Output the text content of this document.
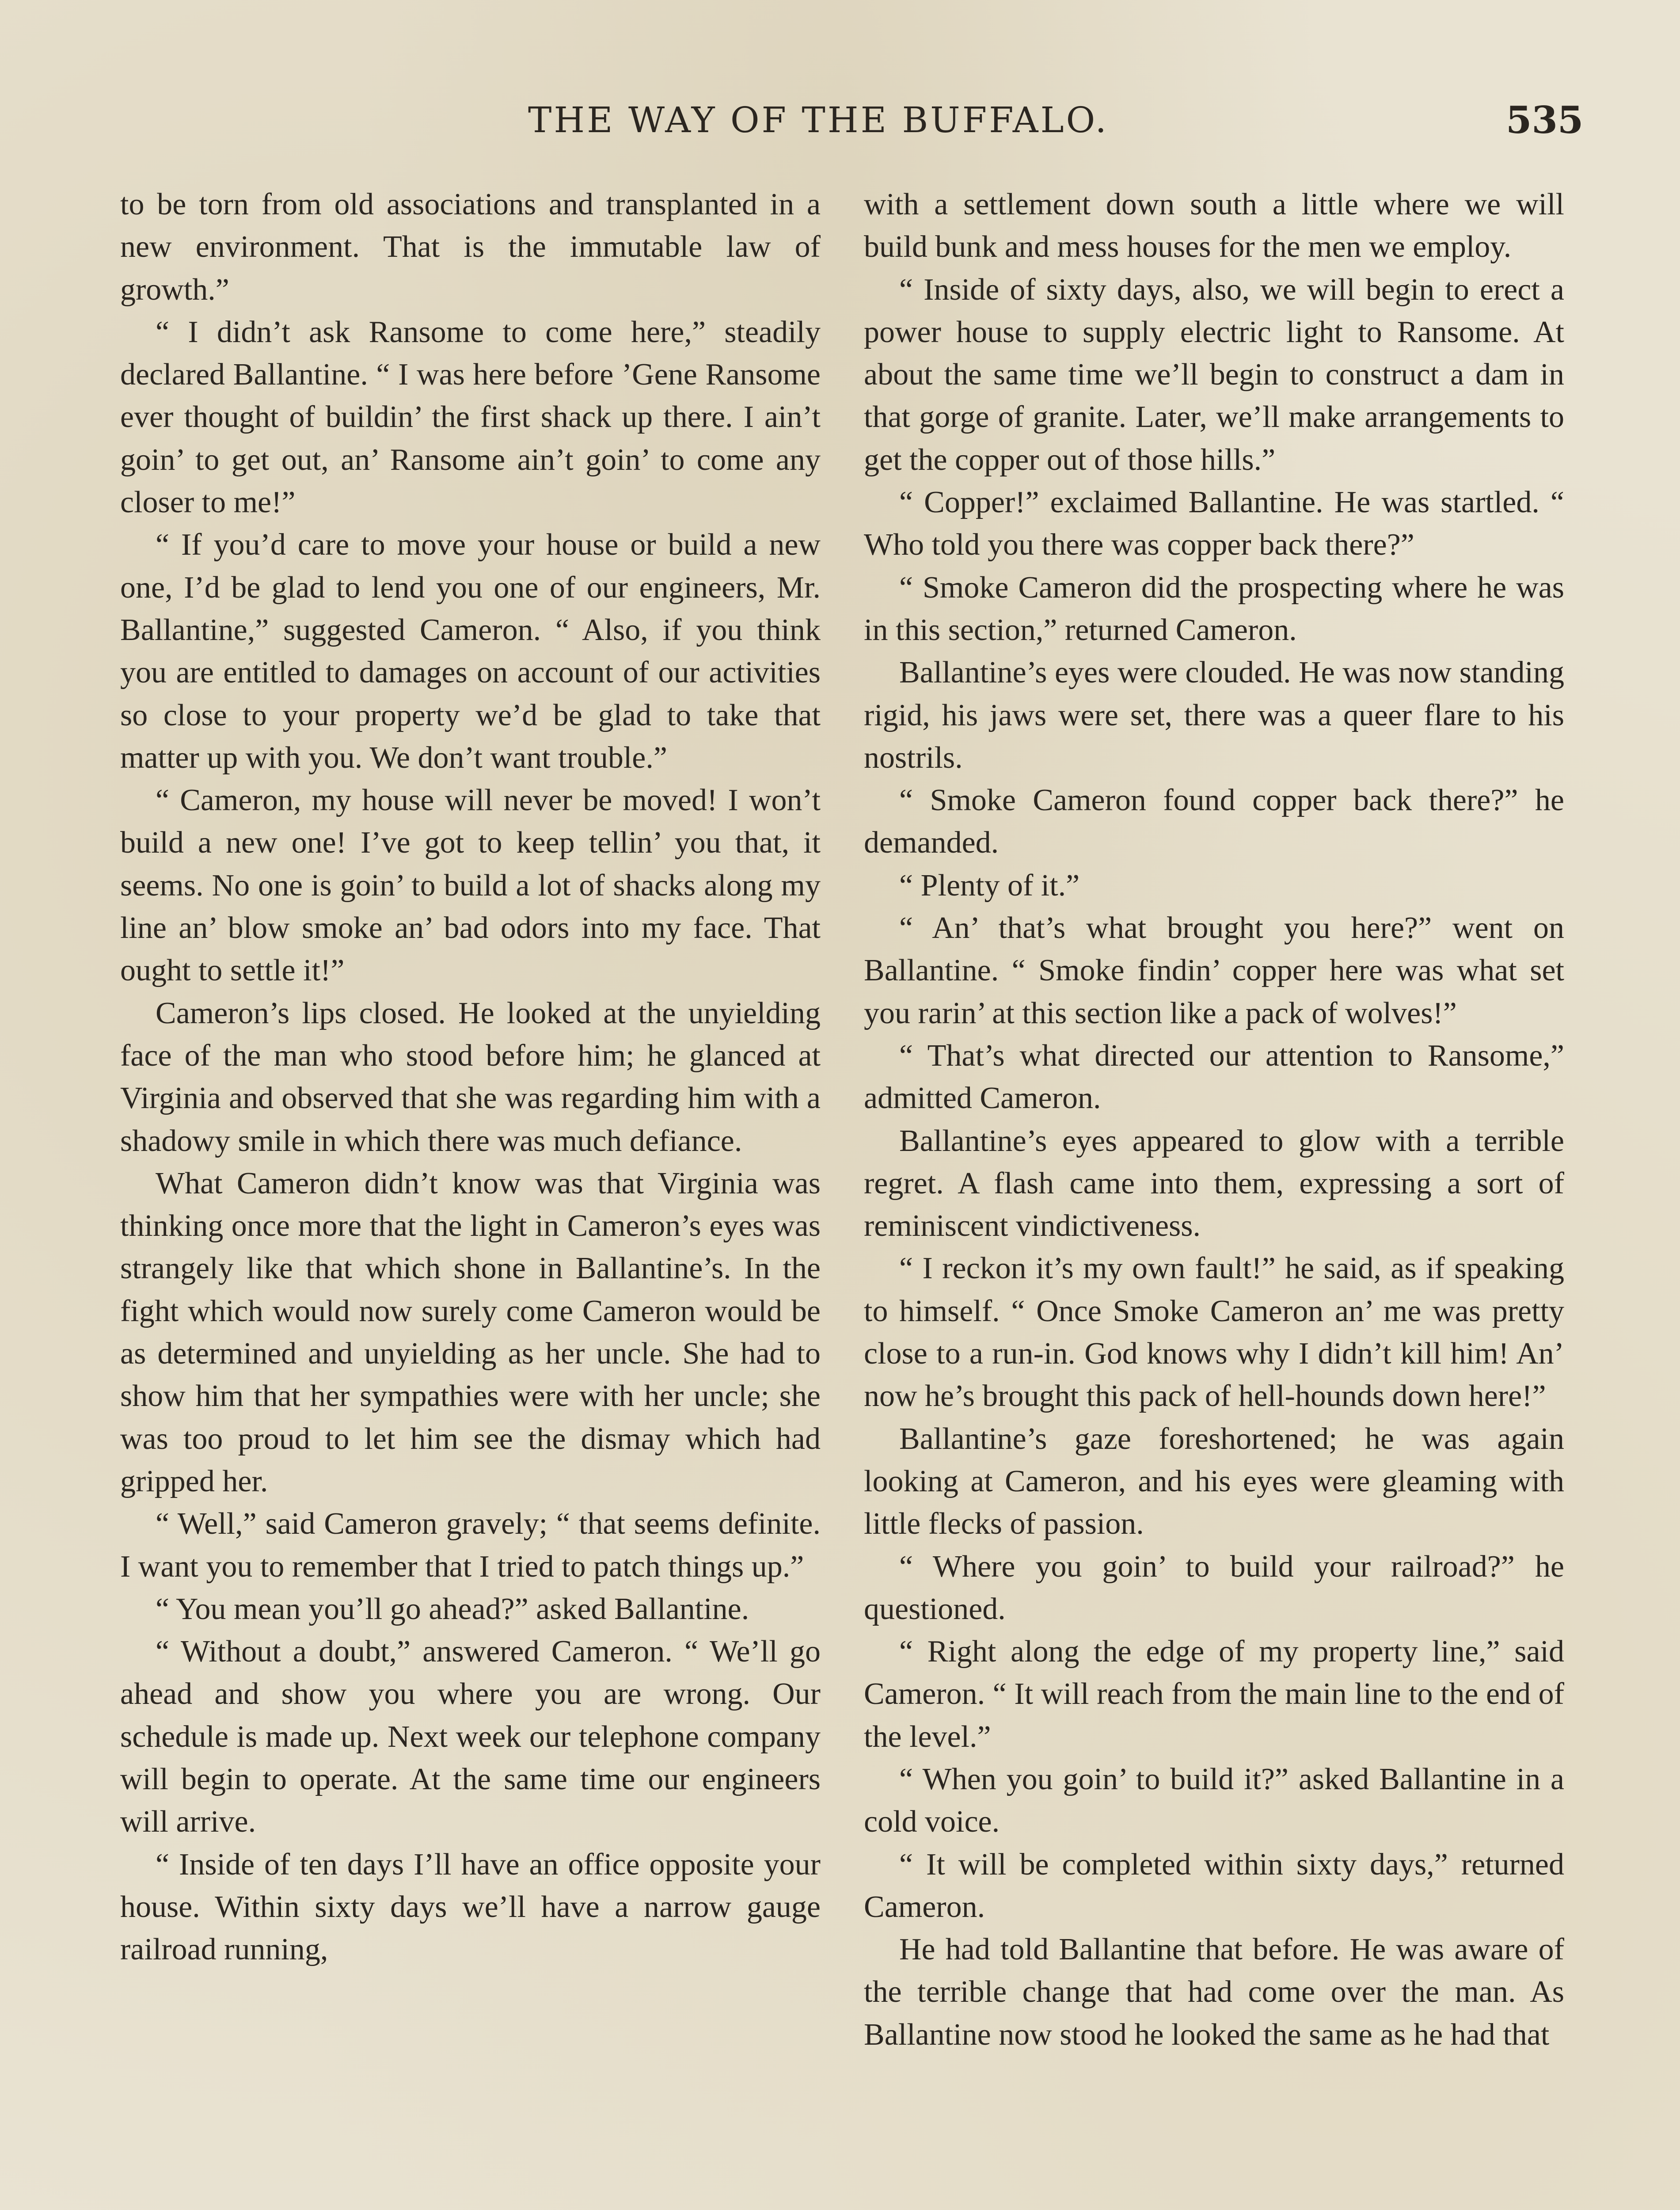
THE WAY OF THE BUFFALO.	535

to be torn from old associations and transplanted in a new environment. That is the immutable law of growth.”

“ I didn’t ask Ransome to come here,” steadily declared Ballantine. “ I was here before ’Gene Ransome ever thought of buildin’ the first shack up there. I ain’t goin’ to get out, an’ Ransome ain’t goin’ to come any closer to me!”

“ If you’d care to move your house or build a new one, I’d be glad to lend you one of our engineers, Mr. Ballantine,” suggested Cameron. “ Also, if you think you are entitled to damages on account of our activities so close to your property we’d be glad to take that matter up with you. We don’t want trouble.”

“ Cameron, my house will never be moved! I won’t build a new one! I’ve got to keep tellin’ you that, it seems. No one is goin’ to build a lot of shacks along my line an’ blow smoke an’ bad odors into my face. That ought to settle it!”

Cameron’s lips closed. He looked at the unyielding face of the man who stood before him; he glanced at Virginia and observed that she was regarding him with a shadowy smile in which there was much defiance.

What Cameron didn’t know was that Virginia was thinking once more that the light in Cameron’s eyes was strangely like that which shone in Ballantine’s. In the fight which would now surely come Cameron would be as determined and unyielding as her uncle. She had to show him that her sympathies were with her uncle; she was too proud to let him see the dismay which had gripped her.

“ Well,” said Cameron gravely; “ that seems definite. I want you to remember that I tried to patch things up.”

“ You mean you’ll go ahead?” asked Ballantine.

“ Without a doubt,” answered Cameron. “ We’ll go ahead and show you where you are wrong. Our schedule is made up. Next week our telephone company will begin to operate. At the same time our engineers will arrive.

“ Inside of ten days I’ll have an office opposite your house. Within sixty days we’ll have a narrow gauge railroad running,

with a settlement down south a little where we will build bunk and mess houses for the men we employ.

“ Inside of sixty days, also, we will begin to erect a power house to supply electric light to Ransome. At about the same time we’ll begin to construct a dam in that gorge of granite. Later, we’ll make arrangements to get the copper out of those hills.”

“ Copper!” exclaimed Ballantine. He was startled. “ Who told you there was copper back there?”

“ Smoke Cameron did the prospecting where he was in this section,” returned Cameron.

Ballantine’s eyes were clouded. He was now standing rigid, his jaws were set, there was a queer flare to his nostrils.

“ Smoke Cameron found copper back there?” he demanded.

“ Plenty of it.”

“ An’ that’s what brought you here?” went on Ballantine. “ Smoke findin’ copper here was what set you rarin’ at this section like a pack of wolves!”

“ That’s what directed our attention to Ransome,” admitted Cameron.

Ballantine’s eyes appeared to glow with a terrible regret. A flash came into them, expressing a sort of reminiscent vindictiveness.

“ I reckon it’s my own fault!” he said, as if speaking to himself. “ Once Smoke Cameron an’ me was pretty close to a run-in. God knows why I didn’t kill him! An’ now he’s brought this pack of hell-hounds down here!”

Ballantine’s gaze foreshortened; he was again looking at Cameron, and his eyes were gleaming with little flecks of passion.

“ Where you goin’ to build your railroad?” he questioned.

“ Right along the edge of my property line,” said Cameron. “ It will reach from the main line to the end of the level.”

“ When you goin’ to build it?” asked Ballantine in a cold voice.

“ It will be completed within sixty days,” returned Cameron.

He had told Ballantine that before. He was aware of the terrible change that had come over the man. As Ballantine now stood he looked the same as he had that
